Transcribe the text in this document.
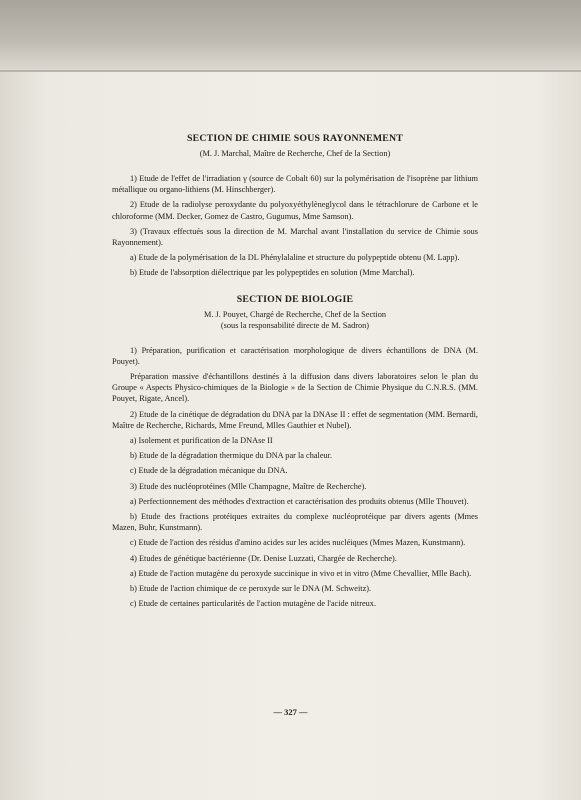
SECTION DE CHIMIE SOUS RAYONNEMENT

(M. J. Marchal, Maître de Recherche, Chef de la Section)

1) Etude de l'effet de l'irradiation γ (source de Cobalt 60) sur la polymérisation de l'isoprène par lithium métallique ou organo-lithiens (M. Hinschberger).

2) Etude de la radiolyse peroxydante du polyoxyéthylèneglycol dans le tétrachlorure de Carbone et le chloroforme (MM. Decker, Gomez de Castro, Gugumus, Mme Samson).

3) (Travaux effectués sous la direction de M. Marchal avant l'installation du service de Chimie sous Rayonnement).

a) Etude de la polymérisation de la DL Phénylalaline et structure du polypeptide obtenu (M. Lapp).

b) Etude de l'absorption diélectrique par les polypeptides en solution (Mme Marchal).

SECTION DE BIOLOGIE

M. J. Pouyet, Chargé de Recherche, Chef de la Section

(sous la responsabilité directe de M. Sadron)

1) Préparation, purification et caractérisation morphologique de divers échantillons de DNA (M. Pouyet).

Préparation massive d'échantillons destinés à la diffusion dans divers laboratoires selon le plan du Groupe « Aspects Physico-chimiques de la Biologie » de la Section de Chimie Physique du C.N.R.S. (MM. Pouyet, Rigate, Ancel).

2) Etude de la cinétique de dégradation du DNA par la DNAse II : effet de segmentation (MM. Bernardi, Maître de Recherche, Richards, Mme Freund, Mlles Gauthier et Nubel).

a) Isolement et purification de la DNAse II

b) Etude de la dégradation thermique du DNA par la chaleur.

c) Etude de la dégradation mécanique du DNA.

3) Etude des nucléoprotéines (Mlle Champagne, Maître de Recherche).

a) Perfectionnement des méthodes d'extraction et caractérisation des produits obtenus (Mlle Thouvet).

b) Etude des fractions protéiques extraites du complexe nucléoprotéique par divers agents (Mmes Mazen, Buhr, Kunstmann).

c) Etude de l'action des résidus d'amino acides sur les acides nucléiques (Mmes Mazen, Kunstmann).

4) Etudes de génétique bactérienne (Dr. Denise Luzzati, Chargée de Recherche).

a) Etude de l'action mutagène du peroxyde succinique in vivo et in vitro (Mme Chevallier, Mlle Bach).

b) Etude de l'action chimique de ce peroxyde sur le DNA (M. Schweitz).

c) Etude de certaines particularités de l'action mutagène de l'acide nitreux.

— 327 —
